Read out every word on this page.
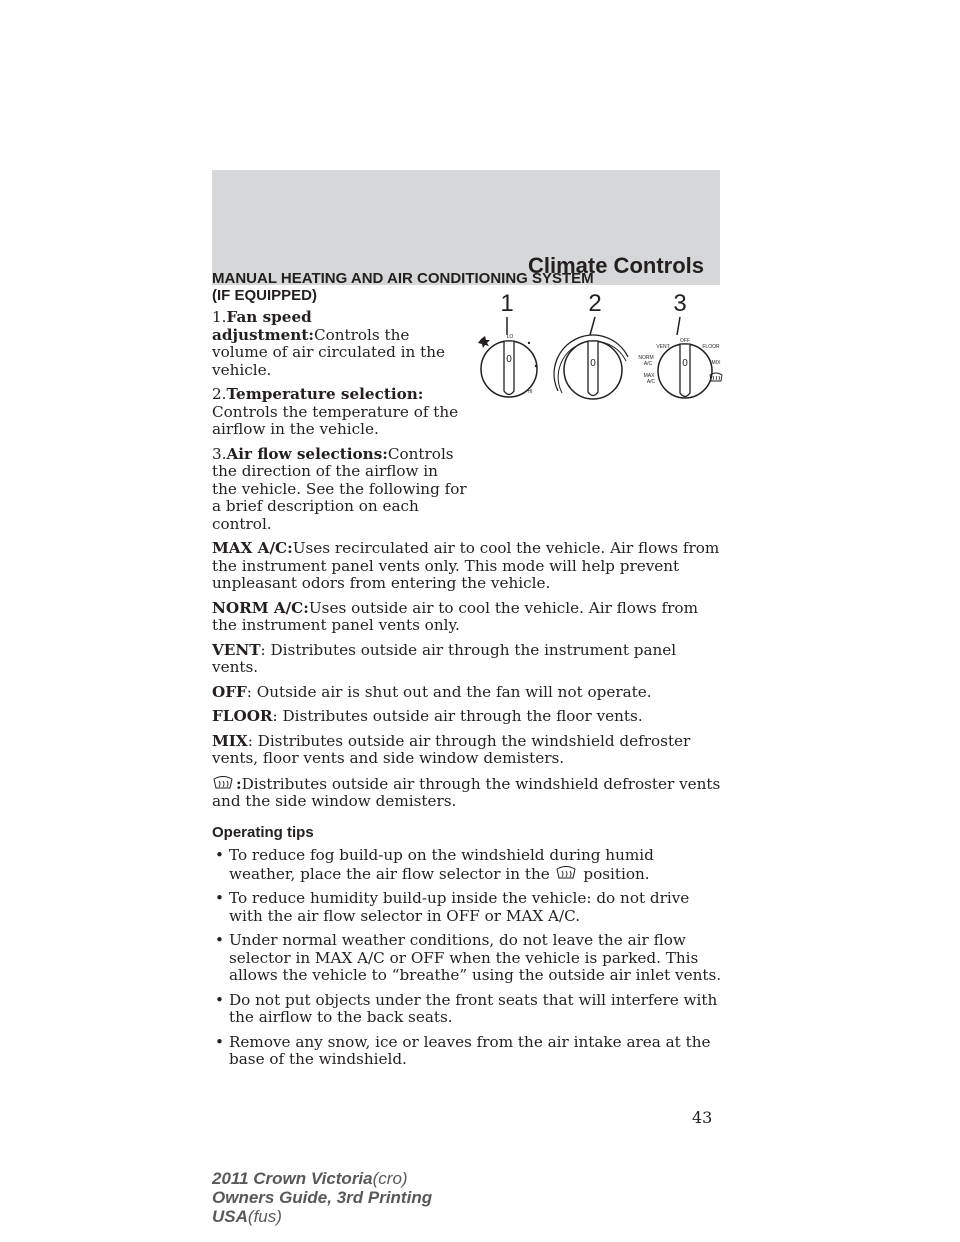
Climate Controls
1	2	3
0
LO
HI
0	0
OFF
VENT	FLOOR
NORM
A/C	MIX
MAX
A/C
MANUAL HEATING AND AIR CONDITIONING SYSTEM
(IF EQUIPPED)

1.Fan speed adjustment:Controls the volume of air circulated in the vehicle.

2.Temperature selection: Controls the temperature of the airflow in the vehicle.

3.Air flow selections:Controls the direction of the airflow in the vehicle. See the following for a brief description on each control.

MAX A/C:Uses recirculated air to cool the vehicle. Air flows from the instrument panel vents only. This mode will help prevent unpleasant odors from entering the vehicle.

NORM A/C:Uses outside air to cool the vehicle. Air flows from the instrument panel vents only.

VENT: Distributes outside air through the instrument panel vents.

OFF: Outside air is shut out and the fan will not operate.

FLOOR: Distributes outside air through the floor vents.

MIX: Distributes outside air through the windshield defroster vents, floor vents and side window demisters.

:Distributes outside air through the windshield defroster vents and the side window demisters.

Operating tips
• To reduce fog build-up on the windshield during humid weather, place the air flow selector in the position.
• To reduce humidity build-up inside the vehicle: do not drive with the air flow selector in OFF or MAX A/C.
• Under normal weather conditions, do not leave the air flow selector in MAX A/C or OFF when the vehicle is parked. This allows the vehicle to “breathe” using the outside air inlet vents.
• Do not put objects under the front seats that will interfere with the airflow to the back seats.
• Remove any snow, ice or leaves from the air intake area at the base of the windshield.
43
2011 Crown Victoria(cro)
Owners Guide, 3rd Printing
USA(fus)
